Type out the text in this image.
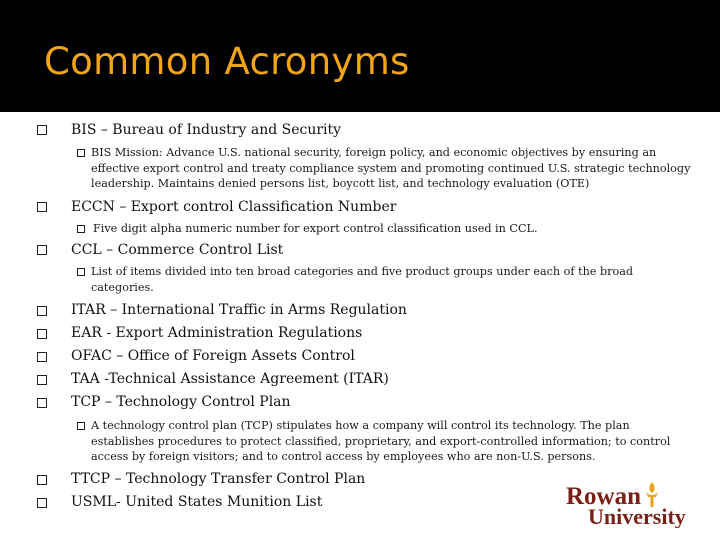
Common Acronyms
BIS – Bureau of Industry and Security
BIS Mission: Advance U.S. national security, foreign policy, and economic objectives by ensuring an effective export control and treaty compliance system and promoting continued U.S. strategic technology leadership. Maintains denied persons list, boycott list, and technology evaluation (OTE)
ECCN – Export control Classification Number
Five digit alpha numeric number for export control classification used in CCL.
CCL – Commerce Control List
List of items divided into ten broad categories and five product groups under each of the broad categories.
ITAR – International Traffic in Arms Regulation
EAR - Export Administration Regulations
OFAC – Office of Foreign Assets Control
TAA -Technical Assistance Agreement (ITAR)
TCP – Technology Control Plan
A technology control plan (TCP) stipulates how a company will control its technology. The plan establishes procedures to protect classified, proprietary, and export-controlled information; to control access by foreign visitors; and to control access by employees who are non-U.S. persons.
TTCP – Technology Transfer Control Plan
USML- United States Munition List	Rowan
University
